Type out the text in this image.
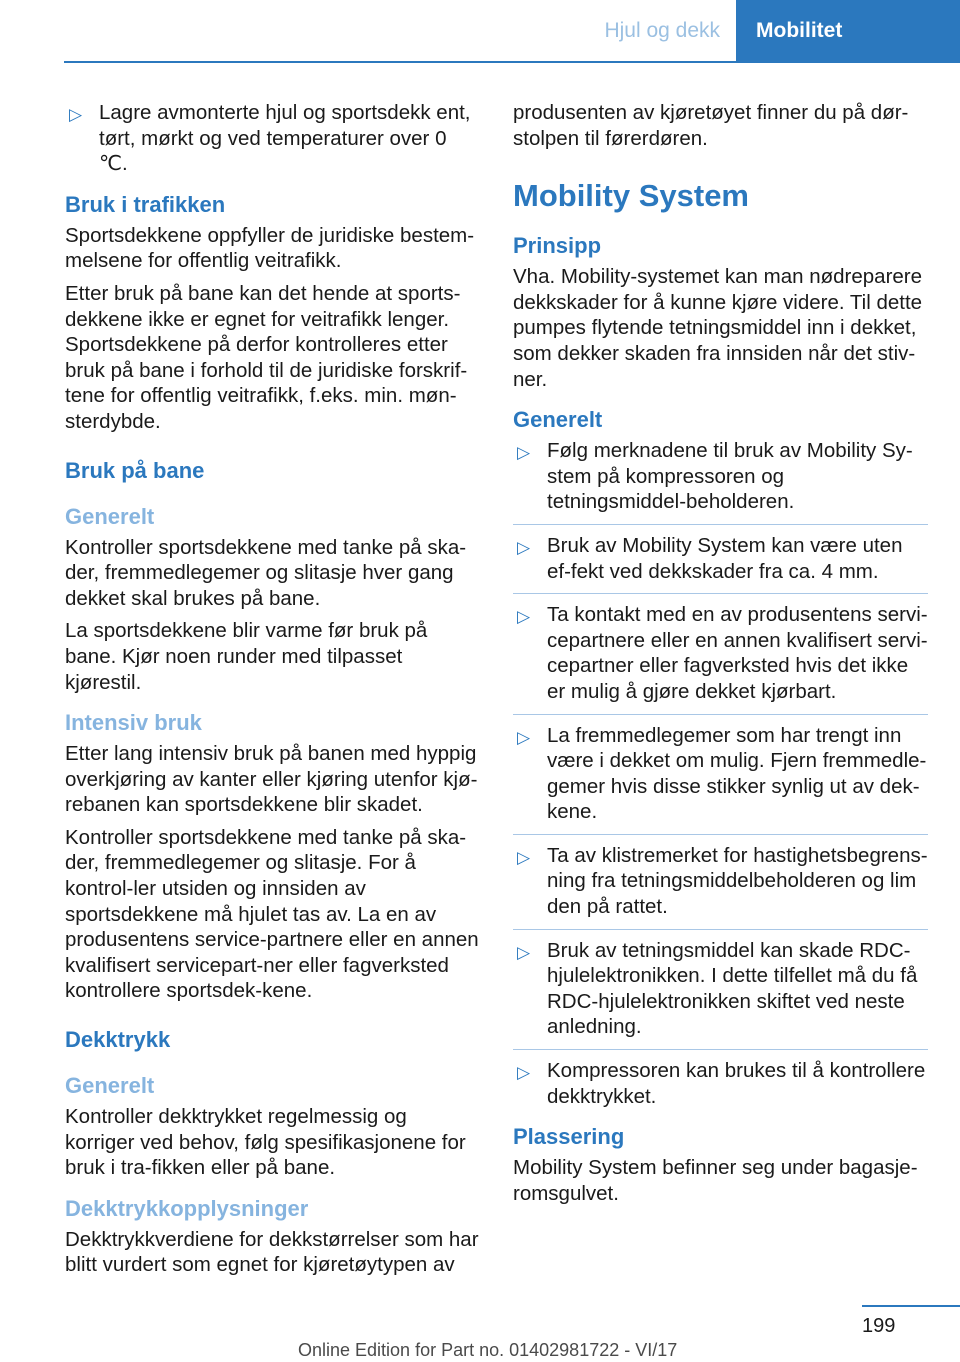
Hjul og dekk	Mobilitet
▷ Lagre avmonterte hjul og sportsdekk ent, tørt, mørkt og ved temperaturer over 0 ℃.
Bruk i trafikken

Sportsdekkene oppfyller de juridiske bestem-melsene for offentlig veitrafikk.

Etter bruk på bane kan det hende at sports-dekkene ikke er egnet for veitrafikk lenger. Sportsdekkene på derfor kontrolleres etter bruk på bane i forhold til de juridiske forskrif-tene for offentlig veitrafikk, f.eks. min. møn-sterdybde.

Bruk på bane
Generelt

Kontroller sportsdekkene med tanke på ska-der, fremmedlegemer og slitasje hver gang dekket skal brukes på bane.

La sportsdekkene blir varme før bruk på bane. Kjør noen runder med tilpasset kjørestil.

Intensiv bruk

Etter lang intensiv bruk på banen med hyppig overkjøring av kanter eller kjøring utenfor kjø-rebanen kan sportsdekkene blir skadet.

Kontroller sportsdekkene med tanke på ska-der, fremmedlegemer og slitasje. For å kontrol-ler utsiden og innsiden av sportsdekkene må hjulet tas av. La en av produsentens service-partnere eller en annen kvalifisert servicepart-ner eller fagverksted kontrollere sportsdek-kene.

Dekktrykk
Generelt

Kontroller dekktrykket regelmessig og korriger ved behov, følg spesifikasjonene for bruk i tra-fikken eller på bane.

Dekktrykkopplysninger

Dekktrykkverdiene for dekkstørrelser som har blitt vurdert som egnet for kjøretøytypen av

produsenten av kjøretøyet finner du på dør-stolpen til førerdøren.

Mobility System
Prinsipp

Vha. Mobility-systemet kan man nødreparere dekkskader for å kunne kjøre videre. Til dette pumpes flytende tetningsmiddel inn i dekket, som dekker skaden fra innsiden når det stiv-ner.

Generelt
▷ Følg merknadene til bruk av Mobility Sy-stem på kompressoren og tetningsmiddel-beholderen.
▷ Bruk av Mobility System kan være uten ef-fekt ved dekkskader fra ca. 4 mm.
▷ Ta kontakt med en av produsentens servi-cepartnere eller en annen kvalifisert servi-cepartner eller fagverksted hvis det ikke er mulig å gjøre dekket kjørbart.
▷ La fremmedlegemer som har trengt inn være i dekket om mulig. Fjern fremmedle-gemer hvis disse stikker synlig ut av dek-kene.
▷ Ta av klistremerket for hastighetsbegrens-ning fra tetningsmiddelbeholderen og lim den på rattet.
▷ Bruk av tetningsmiddel kan skade RDC-hjulelektronikken. I dette tilfellet må du få RDC-hjulelektronikken skiftet ved neste anledning.
▷ Kompressoren kan brukes til å kontrollere dekktrykket.
Plassering

Mobility System befinner seg under bagasje-romsgulvet.

199
Online Edition for Part no. 01402981722 - VI/17
